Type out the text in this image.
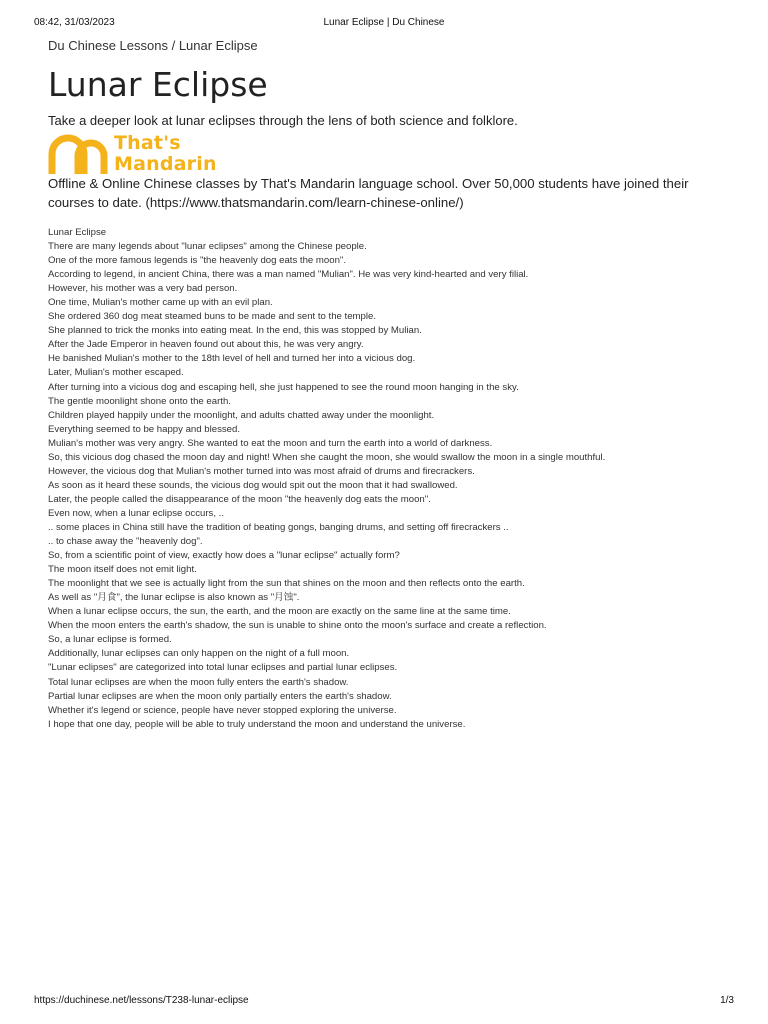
08:42, 31/03/2023	Lunar Eclipse | Du Chinese
Du Chinese Lessons / Lunar Eclipse
Lunar Eclipse

Take a deeper look at lunar eclipses through the lens of both science and folklore.

That's
Mandarin

Offline & Online Chinese classes by That's Mandarin language school. Over 50,000 students have joined their courses to date. (https://www.thatsmandarin.com/learn-chinese-online/)

Lunar Eclipse
There are many legends about "lunar eclipses" among the Chinese people.
One of the more famous legends is "the heavenly dog eats the moon".
According to legend, in ancient China, there was a man named "Mulian". He was very kind-hearted and very filial.
However, his mother was a very bad person.
One time, Mulian's mother came up with an evil plan.
She ordered 360 dog meat steamed buns to be made and sent to the temple.
She planned to trick the monks into eating meat. In the end, this was stopped by Mulian.
After the Jade Emperor in heaven found out about this, he was very angry.
He banished Mulian's mother to the 18th level of hell and turned her into a vicious dog.
Later, Mulian's mother escaped.
After turning into a vicious dog and escaping hell, she just happened to see the round moon hanging in the sky.
The gentle moonlight shone onto the earth.
Children played happily under the moonlight, and adults chatted away under the moonlight.
Everything seemed to be happy and blessed.
Mulian's mother was very angry. She wanted to eat the moon and turn the earth into a world of darkness.
So, this vicious dog chased the moon day and night! When she caught the moon, she would swallow the moon in a single mouthful.
However, the vicious dog that Mulian's mother turned into was most afraid of drums and firecrackers.
As soon as it heard these sounds, the vicious dog would spit out the moon that it had swallowed.
Later, the people called the disappearance of the moon "the heavenly dog eats the moon".
Even now, when a lunar eclipse occurs, ..
.. some places in China still have the tradition of beating gongs, banging drums, and setting off firecrackers ..
.. to chase away the "heavenly dog".
So, from a scientific point of view, exactly how does a "lunar eclipse" actually form?
The moon itself does not emit light.
The moonlight that we see is actually light from the sun that shines on the moon and then reflects onto the earth.
As well as "月食", the lunar eclipse is also known as "月蚀".
When a lunar eclipse occurs, the sun, the earth, and the moon are exactly on the same line at the same time.
When the moon enters the earth's shadow, the sun is unable to shine onto the moon's surface and create a reflection.
So, a lunar eclipse is formed.
Additionally, lunar eclipses can only happen on the night of a full moon.
"Lunar eclipses" are categorized into total lunar eclipses and partial lunar eclipses.
Total lunar eclipses are when the moon fully enters the earth's shadow.
Partial lunar eclipses are when the moon only partially enters the earth's shadow.
Whether it's legend or science, people have never stopped exploring the universe.
I hope that one day, people will be able to truly understand the moon and understand the universe.
https://duchinese.net/lessons/T238-lunar-eclipse	1/3
